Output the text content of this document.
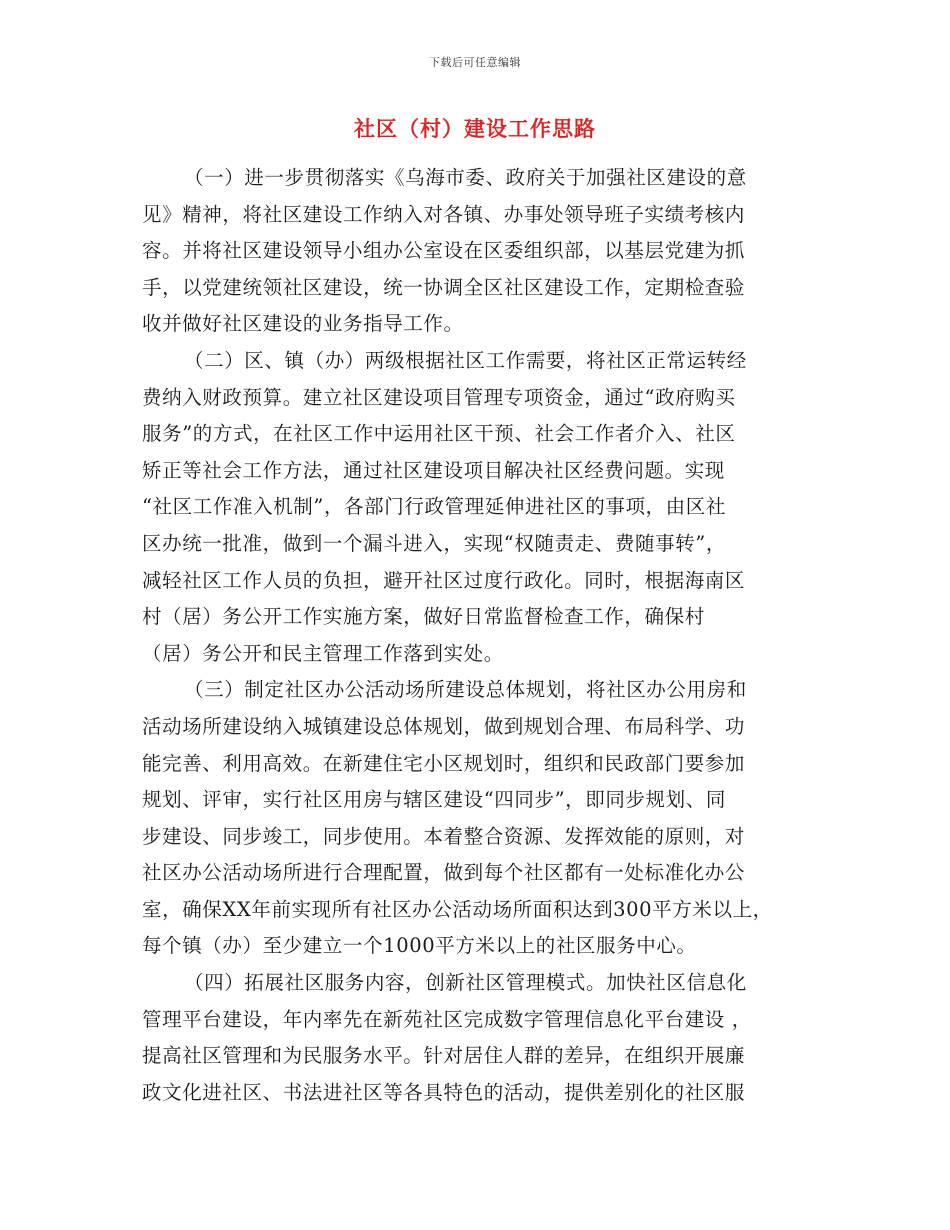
下载后可任意编辑
社区（村）建设工作思路
（一）进一步贯彻落实《乌海市委、政府关于加强社区建设的意
见》精神，将社区建设工作纳入对各镇、办事处领导班子实绩考核内
容。并将社区建设领导小组办公室设在区委组织部，以基层党建为抓
手，以党建统领社区建设，统一协调全区社区建设工作，定期检查验
收并做好社区建设的业务指导工作。
（二）区、镇（办）两级根据社区工作需要，将社区正常运转经
费纳入财政预算。建立社区建设项目管理专项资金，通过“政府购买
服务”的方式，在社区工作中运用社区干预、社会工作者介入、社区
矫正等社会工作方法，通过社区建设项目解决社区经费问题。实现
“社区工作准入机制”，各部门行政管理延伸进社区的事项，由区社
区办统一批准，做到一个漏斗进入，实现“权随责走、费随事转”，
减轻社区工作人员的负担，避开社区过度行政化。同时，根据海南区
村（居）务公开工作实施方案，做好日常监督检查工作，确保村
（居）务公开和民主管理工作落到实处。
（三）制定社区办公活动场所建设总体规划，将社区办公用房和
活动场所建设纳入城镇建设总体规划，做到规划合理、布局科学、功
能完善、利用高效。在新建住宅小区规划时，组织和民政部门要参加
规划、评审，实行社区用房与辖区建设“四同步”，即同步规划、同
步建设、同步竣工，同步使用。本着整合资源、发挥效能的原则，对
社区办公活动场所进行合理配置，做到每个社区都有一处标准化办公
室，确保XX年前实现所有社区办公活动场所面积达到300平方米以上，
每个镇（办）至少建立一个1000平方米以上的社区服务中心。
（四）拓展社区服务内容，创新社区管理模式。加快社区信息化
管理平台建设，年内率先在新苑社区完成数字管理信息化平台建设 ，
提高社区管理和为民服务水平。针对居住人群的差异，在组织开展廉
政文化进社区、书法进社区等各具特色的活动，提供差别化的社区服
